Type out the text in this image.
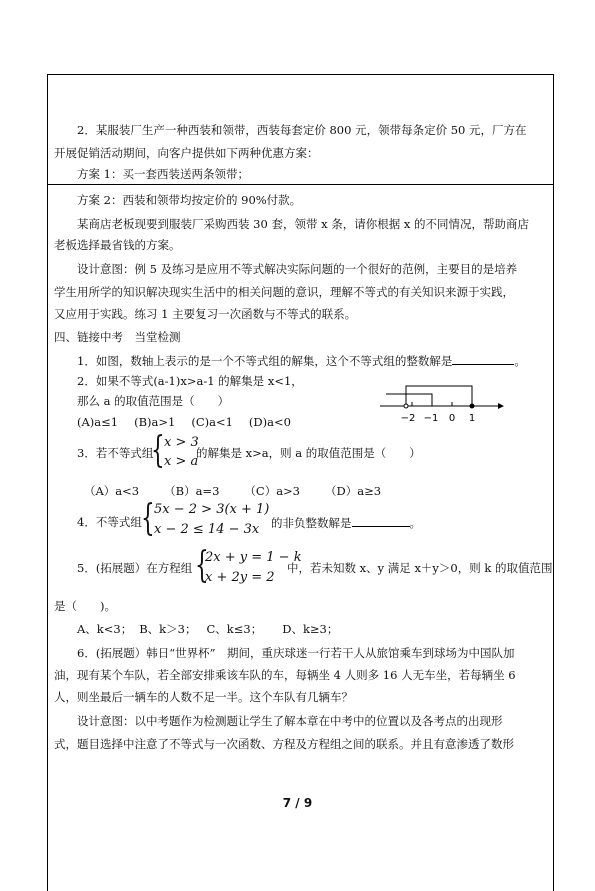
2．某服装厂生产一种西装和领带，西装每套定价 800 元，领带每条定价 50 元，厂方在
开展促销活动期间，向客户提供如下两种优惠方案：
方案 1：买一套西装送两条领带；
方案 2：西装和领带均按定价的 90%付款。
某商店老板现要到服装厂采购西装 30 套，领带 x 条，请你根据 x 的不同情况，帮助商店
老板选择最省钱的方案。
设计意图：例 5 及练习是应用不等式解决实际问题的一个很好的范例，主要目的是培养
学生用所学的知识解决现实生活中的相关问题的意识，理解不等式的有关知识来源于实践，
又应用于实践。练习 1 主要复习一次函数与不等式的联系。
四、链接中考　当堂检测
1．如图，数轴上表示的是一个不等式组的解集，这个不等式组的整数解是	。
2．如果不等式(a-1)x>a-1 的解集是 x<1，
那么 a 的取值范围是（　　）
(A)a≤1 (B)a>1 (C)a<1 (D)a<0	−2 −1 0 1
3．若不等式组
{ x > 3
x > a
的解集是 x>a，则 a 的取值范围是（　　）
（A）a<3 （B）a=3 （C）a>3 （D）a≥3
4．不等式组 { 5x − 2 > 3(x + 1)
x − 2 ≤ 14 − 3x 的非负整数解是	。
5．(拓展题）在方程组 {
2x + y = 1 − k
x + 2y = 2
中，若未知数 x、y 满足 x＋y＞0，则 k 的取值范围
是（　　)。
A、k<3； B、k＞3； C、k≤3； D、k≥3；
6．(拓展题）韩日“世界杯”　期间，重庆球迷一行若干人从旅馆乘车到球场为中国队加
油，现有某个车队，若全部安排乘该车队的车，每辆坐 4 人则多 16 人无车坐，若每辆坐 6
人，则坐最后一辆车的人数不足一半。这个车队有几辆车？
设计意图：以中考题作为检测题让学生了解本章在中考中的位置以及各考点的出现形
式，题目选择中注意了不等式与一次函数、方程及方程组之间的联系。并且有意渗透了数形
7 / 9
